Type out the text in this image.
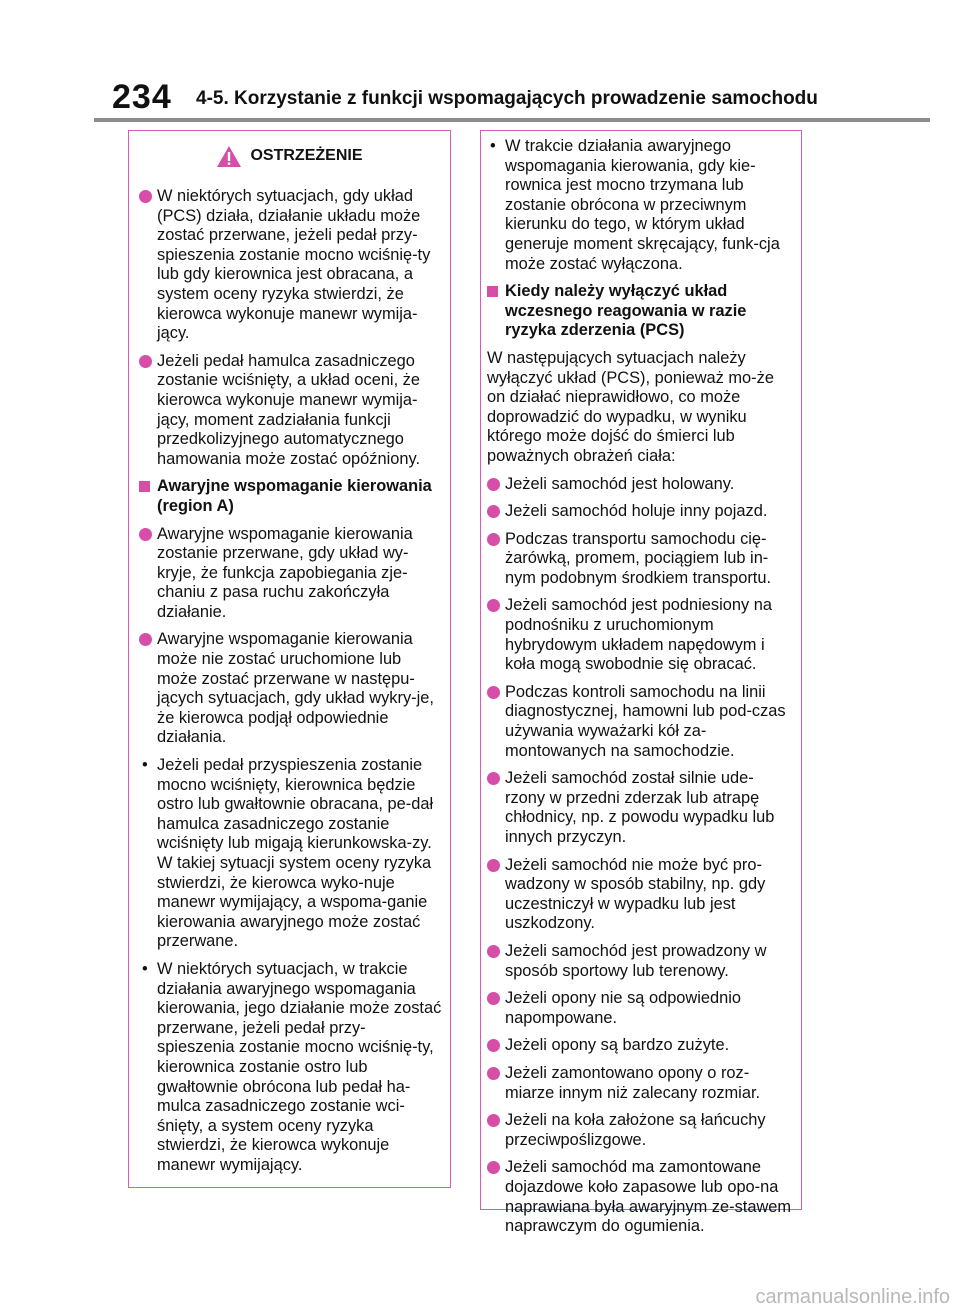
234 4-5. Korzystanie z funkcji wspomagających prowadzenie samochodu
OSTRZEŻENIE
W niektórych sytuacjach, gdy układ (PCS) działa, działanie układu może zostać przerwane, jeżeli pedał przy-spieszenia zostanie mocno wciśnię-ty lub gdy kierownica jest obracana, a system oceny ryzyka stwierdzi, że kierowca wykonuje manewr wymija-jący.
Jeżeli pedał hamulca zasadniczego zostanie wciśnięty, a układ oceni, że kierowca wykonuje manewr wymija-jący, moment zadziałania funkcji przedkolizyjnego automatycznego hamowania może zostać opóźniony.
Awaryjne wspomaganie kierowania (region A)
Awaryjne wspomaganie kierowania zostanie przerwane, gdy układ wy-kryje, że funkcja zapobiegania zje-chaniu z pasa ruchu zakończyła działanie.
Awaryjne wspomaganie kierowania może nie zostać uruchomione lub może zostać przerwane w następu-jących sytuacjach, gdy układ wykry-je, że kierowca podjął odpowiednie działania.
• Jeżeli pedał przyspieszenia zostanie mocno wciśnięty, kierownica będzie ostro lub gwałtownie obracana, pe-dał hamulca zasadniczego zostanie wciśnięty lub migają kierunkowska-zy. W takiej sytuacji system oceny ryzyka stwierdzi, że kierowca wyko-nuje manewr wymijający, a wspoma-ganie kierowania awaryjnego może zostać przerwane.
• W niektórych sytuacjach, w trakcie działania awaryjnego wspomagania kierowania, jego działanie może zostać przerwane, jeżeli pedał przy-spieszenia zostanie mocno wciśnię-ty, kierownica zostanie ostro lub gwałtownie obrócona lub pedał ha-mulca zasadniczego zostanie wci-śnięty, a system oceny ryzyka stwierdzi, że kierowca wykonuje manewr wymijający.
• W trakcie działania awaryjnego wspomagania kierowania, gdy kie-rownica jest mocno trzymana lub zostanie obrócona w przeciwnym kierunku do tego, w którym układ generuje moment skręcający, funk-cja może zostać wyłączona.
Kiedy należy wyłączyć układ wczesnego reagowania w razie ryzyka zderzenia (PCS)
W następujących sytuacjach należy wyłączyć układ (PCS), ponieważ mo-że on działać nieprawidłowo, co może doprowadzić do wypadku, w wyniku którego może dojść do śmierci lub poważnych obrażeń ciała:
Jeżeli samochód jest holowany.
Jeżeli samochód holuje inny pojazd.
Podczas transportu samochodu cię-żarówką, promem, pociągiem lub in-nym podobnym środkiem transportu.
Jeżeli samochód jest podniesiony na podnośniku z uruchomionym hybrydowym układem napędowym i koła mogą swobodnie się obracać.
Podczas kontroli samochodu na linii diagnostycznej, hamowni lub pod-czas używania wyważarki kół za-montowanych na samochodzie.
Jeżeli samochód został silnie ude-rzony w przedni zderzak lub atrapę chłodnicy, np. z powodu wypadku lub innych przyczyn.
Jeżeli samochód nie może być pro-wadzony w sposób stabilny, np. gdy uczestniczył w wypadku lub jest uszkodzony.
Jeżeli samochód jest prowadzony w sposób sportowy lub terenowy.
Jeżeli opony nie są odpowiednio napompowane.
Jeżeli opony są bardzo zużyte.
Jeżeli zamontowano opony o roz-miarze innym niż zalecany rozmiar.
Jeżeli na koła założone są łańcuchy przeciwpoślizgowe.
Jeżeli samochód ma zamontowane dojazdowe koło zapasowe lub opo-na naprawiana była awaryjnym ze-stawem naprawczym do ogumienia.
carmanualsonline.info
